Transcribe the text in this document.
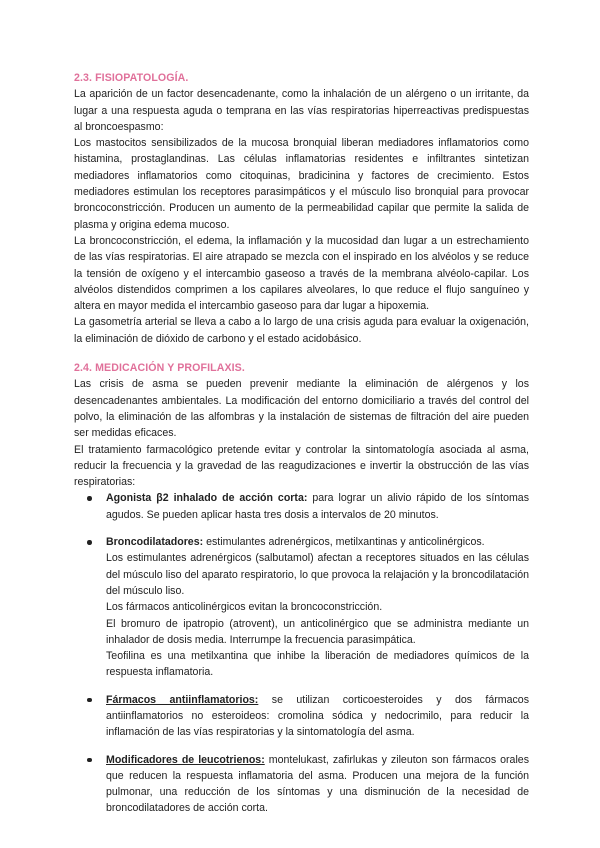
2.3. FISIOPATOLOGÍA.

La aparición de un factor desencadenante, como la inhalación de un alérgeno o un irritante, da lugar a una respuesta aguda o temprana en las vías respiratorias hiperreactivas predispuestas al broncoespasmo:

Los mastocitos sensibilizados de la mucosa bronquial liberan mediadores inflamatorios como histamina, prostaglandinas. Las células inflamatorias residentes e infiltrantes sintetizan mediadores inflamatorios como citoquinas, bradicinina y factores de crecimiento. Estos mediadores estimulan los receptores parasimpáticos y el músculo liso bronquial para provocar broncoconstricción. Producen un aumento de la permeabilidad capilar que permite la salida de plasma y origina edema mucoso.

La broncoconstricción, el edema, la inflamación y la mucosidad dan lugar a un estrechamiento de las vías respiratorias. El aire atrapado se mezcla con el inspirado en los alvéolos y se reduce la tensión de oxígeno y el intercambio gaseoso a través de la membrana alvéolo-capilar. Los alvéolos distendidos comprimen a los capilares alveolares, lo que reduce el flujo sanguíneo y altera en mayor medida el intercambio gaseoso para dar lugar a hipoxemia.

La gasometría arterial se lleva a cabo a lo largo de una crisis aguda para evaluar la oxigenación, la eliminación de dióxido de carbono y el estado acidobásico.

2.4. MEDICACIÓN Y PROFILAXIS.

Las crisis de asma se pueden prevenir mediante la eliminación de alérgenos y los desencadenantes ambientales. La modificación del entorno domiciliario a través del control del polvo, la eliminación de las alfombras y la instalación de sistemas de filtración del aire pueden ser medidas eficaces.

El tratamiento farmacológico pretende evitar y controlar la sintomatología asociada al asma, reducir la frecuencia y la gravedad de las reagudizaciones e invertir la obstrucción de las vías respiratorias:

Agonista β2 inhalado de acción corta: para lograr un alivio rápido de los síntomas agudos. Se pueden aplicar hasta tres dosis a intervalos de 20 minutos.

Broncodilatadores: estimulantes adrenérgicos, metilxantinas y anticolinérgicos.

Los estimulantes adrenérgicos (salbutamol) afectan a receptores situados en las células del músculo liso del aparato respiratorio, lo que provoca la relajación y la broncodilatación del músculo liso.

Los fármacos anticolinérgicos evitan la broncoconstricción.

El bromuro de ipatropio (atrovent), un anticolinérgico que se administra mediante un inhalador de dosis media. Interrumpe la frecuencia parasimpática.

Teofilina es una metilxantina que inhibe la liberación de mediadores químicos de la respuesta inflamatoria.

Fármacos antiinflamatorios: se utilizan corticoesteroides y dos fármacos antiinflamatorios no esteroideos: cromolina sódica y nedocrimilo, para reducir la inflamación de las vías respiratorias y la sintomatología del asma.

Modificadores de leucotrienos: montelukast, zafirlukas y zileuton son fármacos orales que reducen la respuesta inflamatoria del asma. Producen una mejora de la función pulmonar, una reducción de los síntomas y una disminución de la necesidad de broncodilatadores de acción corta.
